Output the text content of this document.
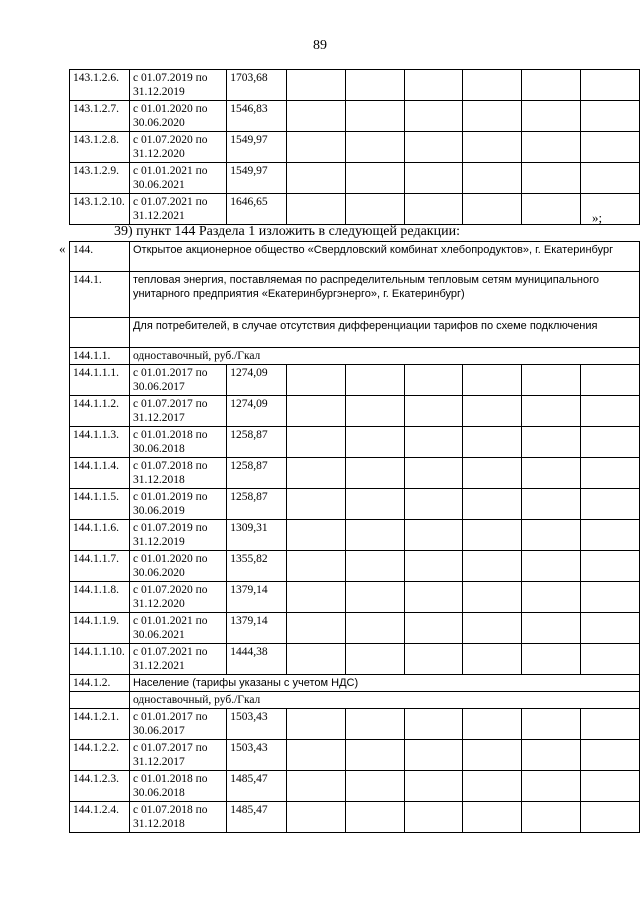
89
143.1.2.6.	с 01.07.2019 по 31.12.2019	1703,68						
143.1.2.7.	с 01.01.2020 по 30.06.2020	1546,83						
143.1.2.8.	с 01.07.2020 по 31.12.2020	1549,97						
143.1.2.9.	с 01.01.2021 по 30.06.2021	1549,97						
143.1.2.10.	с 01.07.2021 по 31.12.2021	1646,65						
»;
39) пункт 144 Раздела 1 изложить в следующей редакции:
« 144.	Открытое акционерное общество «Свердловский комбинат хлебопродуктов», г. Екатеринбург							
144.1.	тепловая энергия, поставляемая по распределительным тепловым сетям муниципального унитарного предприятия «Екатеринбургэнерго», г. Екатеринбург)							
	Для потребителей, в случае отсутствия дифференциации тарифов по схеме подключения							
144.1.1.	одноставочный, руб./Гкал							
144.1.1.1.	с 01.01.2017 по 30.06.2017	1274,09						
144.1.1.2.	с 01.07.2017 по 31.12.2017	1274,09						
144.1.1.3.	с 01.01.2018 по 30.06.2018	1258,87						
144.1.1.4.	с 01.07.2018 по 31.12.2018	1258,87						
144.1.1.5.	с 01.01.2019 по 30.06.2019	1258,87						
144.1.1.6.	с 01.07.2019 по 31.12.2019	1309,31						
144.1.1.7.	с 01.01.2020 по 30.06.2020	1355,82						
144.1.1.8.	с 01.07.2020 по 31.12.2020	1379,14						
144.1.1.9.	с 01.01.2021 по 30.06.2021	1379,14						
144.1.1.10.	с 01.07.2021 по 31.12.2021	1444,38						
144.1.2.	Население (тарифы указаны с учетом НДС)							
	одноставочный, руб./Гкал							
144.1.2.1.	с 01.01.2017 по 30.06.2017	1503,43						
144.1.2.2.	с 01.07.2017 по 31.12.2017	1503,43						
144.1.2.3.	с 01.01.2018 по 30.06.2018	1485,47						
144.1.2.4.	с 01.07.2018 по 31.12.2018	1485,47						
